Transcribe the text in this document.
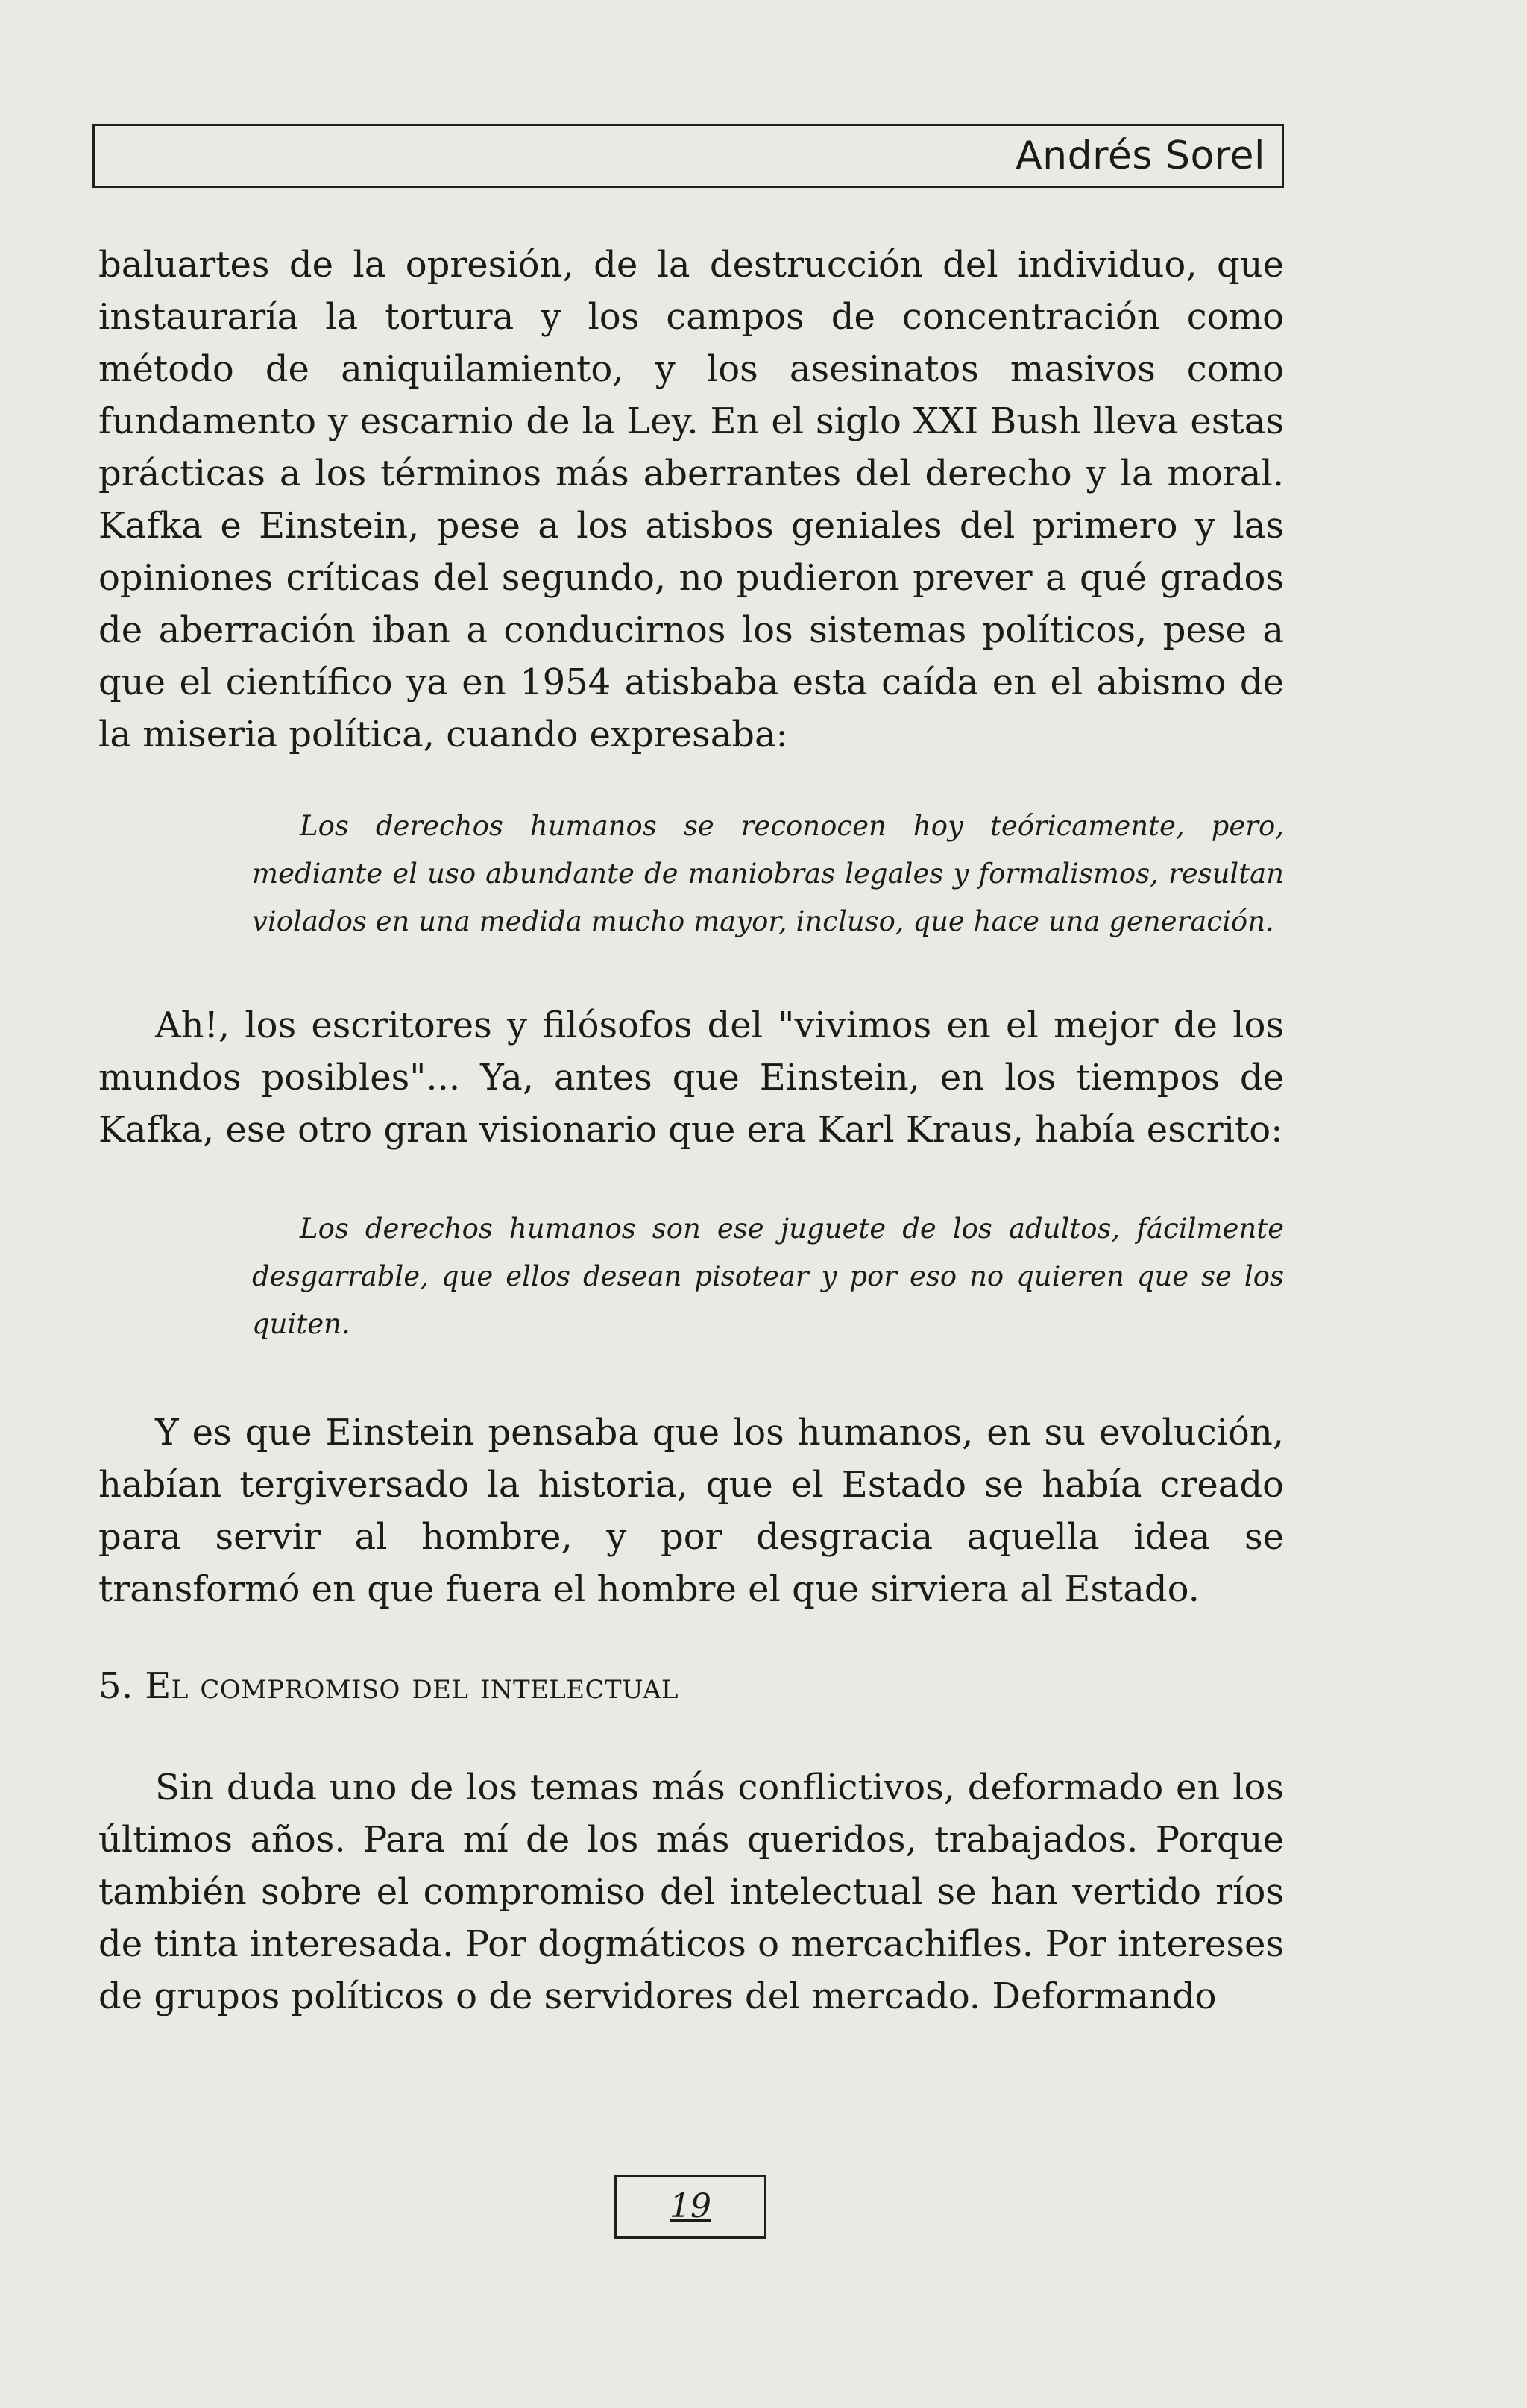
Andrés Sorel

baluartes de la opresión, de la destrucción del individuo, que instauraría la tortura y los campos de concentración como método de aniquilamiento, y los asesinatos masivos como fundamento y escarnio de la Ley. En el siglo XXI Bush lleva estas prácticas a los términos más aberrantes del derecho y la moral. Kafka e Einstein, pese a los atisbos geniales del primero y las opiniones críticas del segundo, no pudieron prever a qué grados de aberración iban a conducirnos los sistemas políticos, pese a que el científico ya en 1954 atisbaba esta caída en el abismo de la miseria política, cuando expresaba:

Los derechos humanos se reconocen hoy teóricamente, pero, mediante el uso abundante de maniobras legales y formalismos, resultan violados en una medida mucho mayor, incluso, que hace una generación.

Ah!, los escritores y filósofos del "vivimos en el mejor de los mundos posibles"... Ya, antes que Einstein, en los tiempos de Kafka, ese otro gran visionario que era Karl Kraus, había escrito:

Los derechos humanos son ese juguete de los adultos, fácilmente desgarrable, que ellos desean pisotear y por eso no quieren que se los quiten.

Y es que Einstein pensaba que los humanos, en su evolución, habían tergiversado la historia, que el Estado se había creado para servir al hombre, y por desgracia aquella idea se transformó en que fuera el hombre el que sirviera al Estado.

5. El compromiso del intelectual

Sin duda uno de los temas más conflictivos, deformado en los últimos años. Para mí de los más queridos, trabajados. Porque también sobre el compromiso del intelectual se han vertido ríos de tinta interesada. Por dogmáticos o mercachifles. Por intereses de grupos políticos o de servidores del mercado. Deformando

19
